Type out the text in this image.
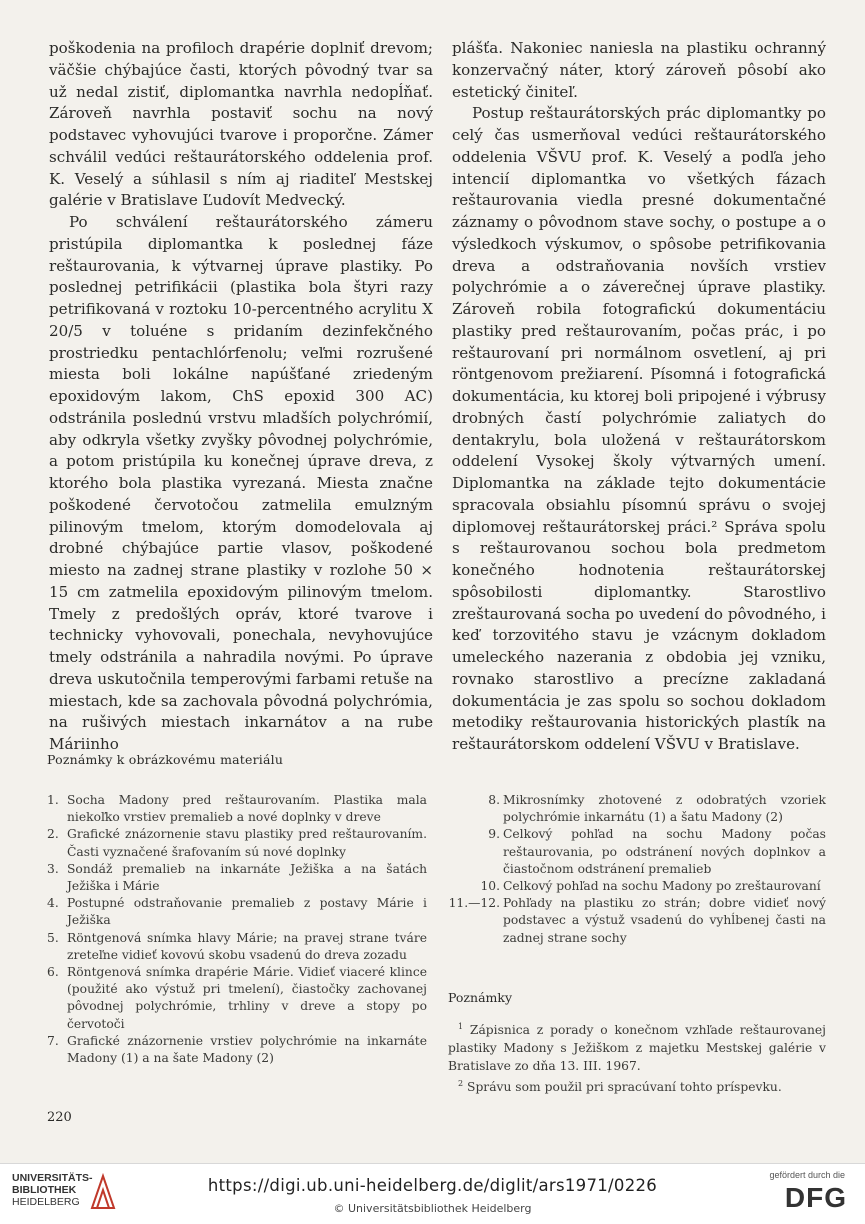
poškodenia na profiloch drapérie doplniť drevom; väčšie chýbajúce časti, ktorých pôvodný tvar sa už nedal zistiť, diplomantka navrhla nedopĺňať. Zároveň navrhla postaviť sochu na nový podstavec vyhovujúci tvarove i proporčne. Zámer schválil vedúci reštaurátorského oddelenia prof. K. Veselý a súhlasil s ním aj riaditeľ Mestskej galérie v Bratislave Ľudovít Medvecký.

Po schválení reštaurátorského zámeru pristúpila diplomantka k poslednej fáze reštaurovania, k výtvarnej úprave plastiky. Po poslednej petrifikácii (plastika bola štyri razy petrifikovaná v roztoku 10-percentného acrylitu X 20/5 v toluéne s pridaním dezinfekčného prostriedku pentachlórfenolu; veľmi rozrušené miesta boli lokálne napúšťané zriedeným epoxidovým lakom, ChS epoxid 300 AC) odstránila poslednú vrstvu mladších polychrómií, aby odkryla všetky zvyšky pôvodnej polychrómie, a potom pristúpila ku konečnej úprave dreva, z ktorého bola plastika vyrezaná. Miesta značne poškodené červotočou zatmelila emulzným pilinovým tmelom, ktorým domodelovala aj drobné chýbajúce partie vlasov, poškodené miesto na zadnej strane plastiky v rozlohe 50 × 15 cm zatmelila epoxidovým pilinovým tmelom. Tmely z predošlých opráv, ktoré tvarove i technicky vyhovovali, ponechala, nevyhovujúce tmely odstránila a nahradila novými. Po úprave dreva uskutočnila temperovými farbami retuše na miestach, kde sa zachovala pôvodná polychrómia, na rušivých miestach inkarnátov a na rube Máriinho

plášťa. Nakoniec naniesla na plastiku ochranný konzervačný náter, ktorý zároveň pôsobí ako estetický činiteľ.

Postup reštaurátorských prác diplomantky po celý čas usmerňoval vedúci reštaurátorského oddelenia VŠVU prof. K. Veselý a podľa jeho intencií diplomantka vo všetkých fázach reštaurovania viedla presné dokumentačné záznamy o pôvodnom stave sochy, o postupe a o výsledkoch výskumov, o spôsobe petrifikovania dreva a odstraňovania novších vrstiev polychrómie a o záverečnej úprave plastiky. Zároveň robila fotografickú dokumentáciu plastiky pred reštaurovaním, počas prác, i po reštaurovaní pri normálnom osvetlení, aj pri röntgenovom prežiarení. Písomná i fotografická dokumentácia, ku ktorej boli pripojené i výbrusy drobných častí polychrómie zaliatych do dentakrylu, bola uložená v reštaurátorskom oddelení Vysokej školy výtvarných umení. Diplomantka na základe tejto dokumentácie spracovala obsiahlu písomnú správu o svojej diplomovej reštaurátorskej práci.² Správa spolu s reštaurovanou sochou bola predmetom konečného hodnotenia reštaurátorskej spôsobilosti diplomantky. Starostlivo zreštaurovaná socha po uvedení do pôvodného, i keď torzovitého stavu je vzácnym dokladom umeleckého nazerania z obdobia jej vzniku, rovnako starostlivo a precízne zakladaná dokumentácia je zas spolu so sochou dokladom metodiky reštaurovania historických plastík na reštaurátorskom oddelení VŠVU v Bratislave.

Poznámky k obrázkovému materiálu
1. Socha Madony pred reštaurovaním. Plastika mala niekoľko vrstiev premalieb a nové doplnky v dreve
2. Grafické znázornenie stavu plastiky pred reštaurovaním. Časti vyznačené šrafovaním sú nové doplnky
3. Sondáž premalieb na inkarnáte Ježiška a na šatách Ježiška i Márie
4. Postupné odstraňovanie premalieb z postavy Márie i Ježiška
5. Röntgenová snímka hlavy Márie; na pravej strane tváre zreteľne vidieť kovovú skobu vsadenú do dreva zozadu
6. Röntgenová snímka drapérie Márie. Vidieť viaceré klince (použité ako výstuž pri tmelení), čiastočky zachovanej pôvodnej polychrómie, trhliny v dreve a stopy po červotoči
7. Grafické znázornenie vrstiev polychrómie na inkarnáte Madony (1) a na šate Madony (2)
8. Mikrosnímky zhotovené z odobratých vzoriek polychrómie inkarnátu (1) a šatu Madony (2)
9. Celkový pohľad na sochu Madony počas reštaurovania, po odstránení nových doplnkov a čiastočnom odstránení premalieb
10. Celkový pohľad na sochu Madony po zreštaurovaní
11.—12. Pohľady na plastiku zo strán; dobre vidieť nový podstavec a výstuž vsadenú do vyhĺbenej časti na zadnej strane sochy
Poznámky

$^1$ Zápisnica z porady o konečnom vzhľade reštaurovanej plastiky Madony s Ježiškom z majetku Mestskej galérie v Bratislave zo dňa 13. III. 1967.

$^2$ Správu som použil pri spracúvaní tohto príspevku.

220
UNIVERSITÄTS-
BIBLIOTHEK
HEIDELBERG
https://digi.ub.uni-heidelberg.de/diglit/ars1971/0226
© Universitätsbibliothek Heidelberg
gefördert durch die
DFG
